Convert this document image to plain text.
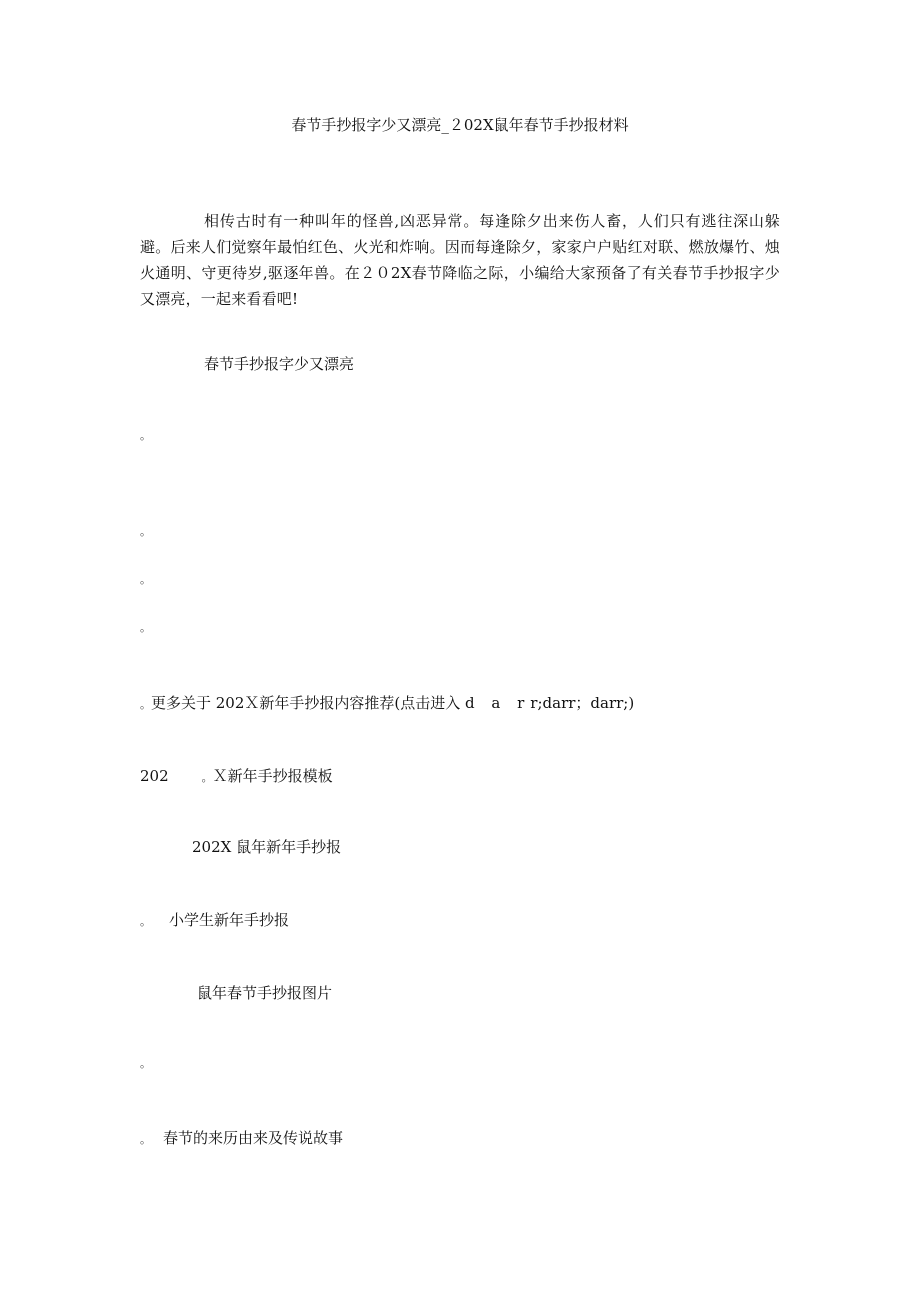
春节手抄报字少又漂亮_２02X鼠年春节手抄报材料

相传古时有一种叫年的怪兽,凶恶异常。每逢除夕出来伤人畜，人们只有逃往深山躲避。后来人们觉察年最怕红色、火光和炸响。因而每逢除夕，家家户户贴红对联、燃放爆竹、烛火通明、守更待岁,驱逐年兽。在２０2X春节降临之际，小编给大家预备了有关春节手抄报字少又漂亮，一起来看看吧!

春节手抄报字少又漂亮
。
。
。
。
。更多关于 202Ｘ新年手抄报内容推荐(点击进入 d a rr;darr；darr;)
202	。Ｘ新年手抄报模板
202X 鼠年新年手抄报
。 小学生新年手抄报
鼠年春节手抄报图片
。
。 春节的来历由来及传说故事
